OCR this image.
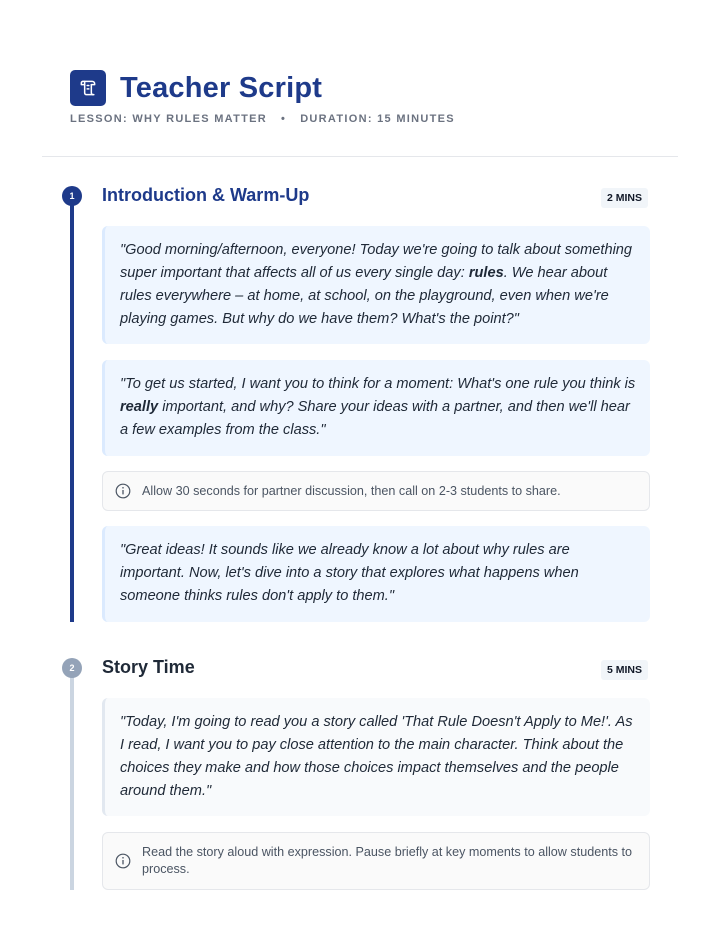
Teacher Script
LESSON: WHY RULES MATTER • DURATION: 15 MINUTES
1	Introduction & Warm-Up	2 MINS
"Good morning/afternoon, everyone! Today we're going to talk about something super important that affects all of us every single day: rules. We hear about rules everywhere – at home, at school, on the playground, even when we're playing games. But why do we have them? What's the point?"
"To get us started, I want you to think for a moment: What's one rule you think is really important, and why? Share your ideas with a partner, and then we'll hear a few examples from the class."
Allow 30 seconds for partner discussion, then call on 2-3 students to share.
"Great ideas! It sounds like we already know a lot about why rules are important. Now, let's dive into a story that explores what happens when someone thinks rules don't apply to them."
2	Story Time	5 MINS
"Today, I'm going to read you a story called 'That Rule Doesn't Apply to Me!'. As I read, I want you to pay close attention to the main character. Think about the choices they make and how those choices impact themselves and the people around them."
Read the story aloud with expression. Pause briefly at key moments to allow students to process.
